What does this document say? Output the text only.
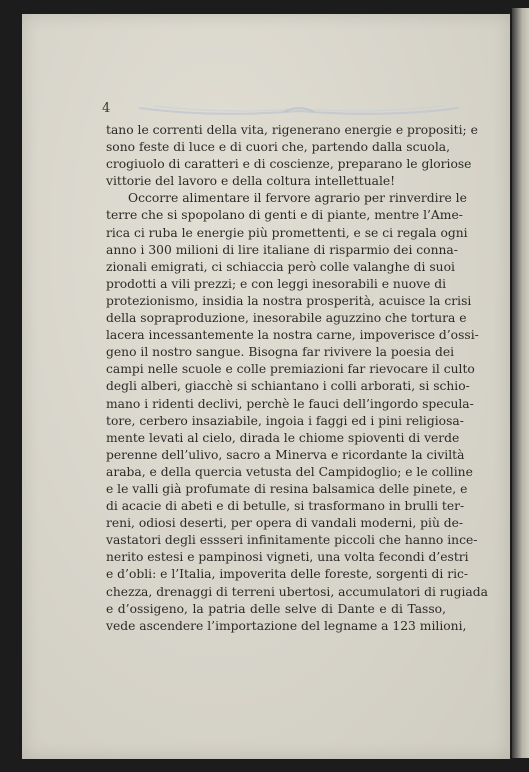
4
tano le correnti della vita, rigenerano energie e propositi; e
sono feste di luce e di cuori che, partendo dalla scuola,
crogiuolo di caratteri e di coscienze, preparano le gloriose
vittorie del lavoro e della coltura intellettuale!
Occorre alimentare il fervore agrario per rinverdire le
terre che si spopolano di genti e di piante, mentre l’Ame-
rica ci ruba le energie più promettenti, e se ci regala ogni
anno i 300 milioni di lire italiane di risparmio dei conna-
zionali emigrati, ci schiaccia però colle valanghe di suoi
prodotti a vili prezzi; e con leggi inesorabili e nuove di
protezionismo, insidia la nostra prosperità, acuisce la crisi
della sopraproduzione, inesorabile aguzzino che tortura e
lacera incessantemente la nostra carne, impoverisce d’ossi-
geno il nostro sangue. Bisogna far rivivere la poesia dei
campi nelle scuole e colle premiazioni far rievocare il culto
degli alberi, giacchè si schiantano i colli arborati, si schio-
mano i ridenti declivi, perchè le fauci dell’ingordo specula-
tore, cerbero insaziabile, ingoia i faggi ed i pini religiosa-
mente levati al cielo, dirada le chiome spioventi di verde
perenne dell’ulivo, sacro a Minerva e ricordante la civiltà
araba, e della quercia vetusta del Campidoglio; e le colline
e le valli già profumate di resina balsamica delle pinete, e
di acacie di abeti e di betulle, si trasformano in brulli ter-
reni, odiosi deserti, per opera di vandali moderni, più de-
vastatori degli essseri infinitamente piccoli che hanno ince-
nerito estesi e pampinosi vigneti, una volta fecondi d’estri
e d’obli: e l’Italia, impoverita delle foreste, sorgenti di ric-
chezza, drenaggi di terreni ubertosi, accumulatori di rugiada
e d’ossigeno, la patria delle selve di Dante e di Tasso,
vede ascendere l’importazione del legname a 123 milioni,
